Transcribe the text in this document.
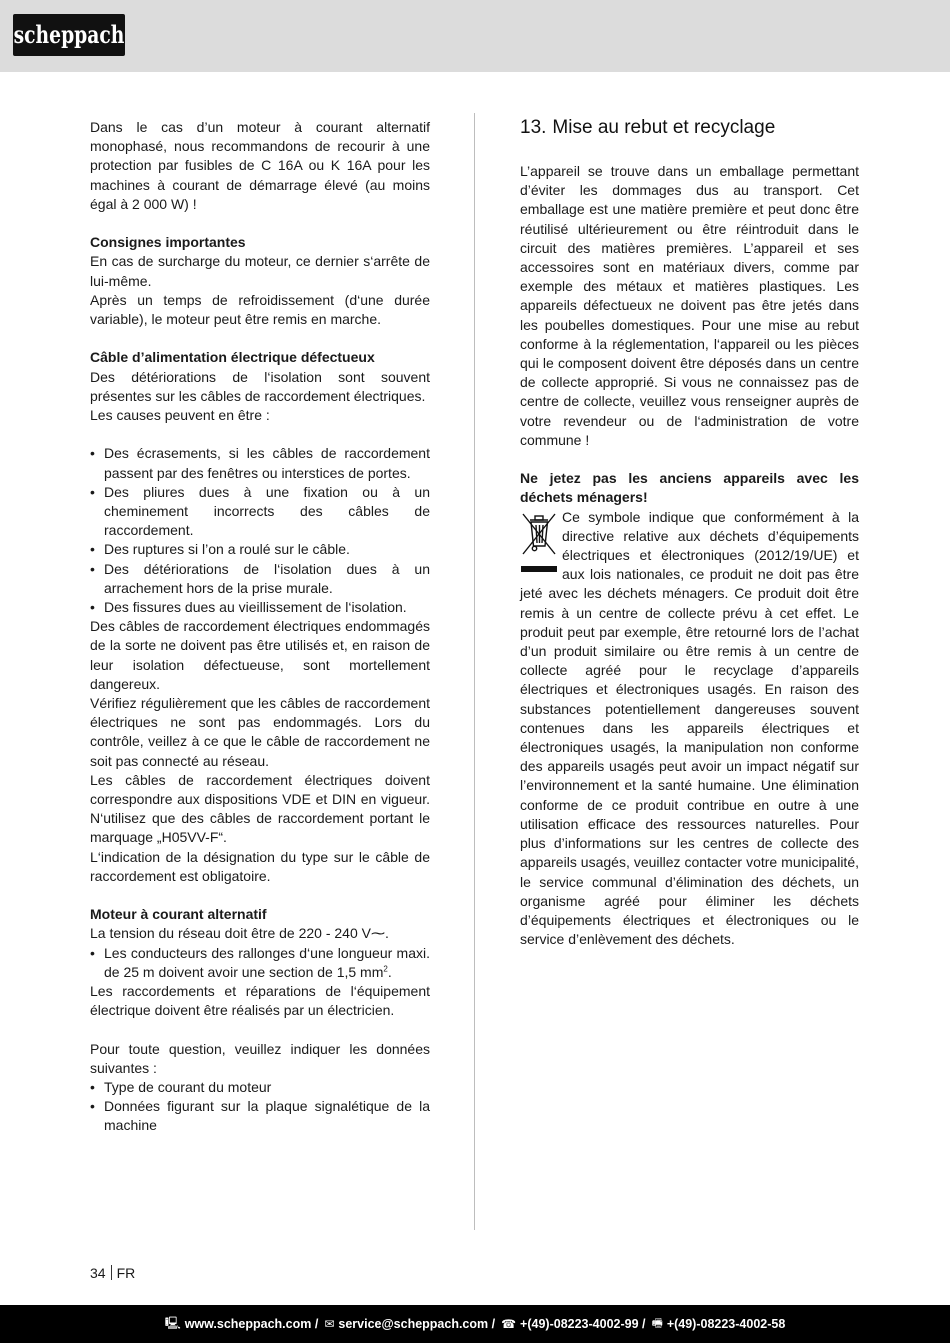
scheppach

Dans le cas d’un moteur à courant alternatif monophasé, nous recommandons de recourir à une protection par fusibles de C 16A ou K 16A pour les machines à courant de démarrage élevé (au moins égal à 2 000 W) !

Consignes importantes

En cas de surcharge du moteur, ce dernier s‘arrête de lui-même.

Après un temps de refroidissement (d‘une durée variable), le moteur peut être remis en marche.

Câble d’alimentation électrique défectueux

Des détériorations de l‘isolation sont souvent présentes sur les câbles de raccordement électriques.

Les causes peuvent en être :

• Des écrasements, si les câbles de raccordement passent par des fenêtres ou interstices de portes.
• Des pliures dues à une fixation ou à un cheminement incorrects des câbles de raccordement.
• Des ruptures si l’on a roulé sur le câble.
• Des détériorations de l‘isolation dues à un arrachement hors de la prise murale.
• Des fissures dues au vieillissement de l‘isolation.

Des câbles de raccordement électriques endommagés de la sorte ne doivent pas être utilisés et, en raison de leur isolation défectueuse, sont mortellement dangereux.

Vérifiez régulièrement que les câbles de raccordement électriques ne sont pas endommagés. Lors du contrôle, veillez à ce que le câble de raccordement ne soit pas connecté au réseau.

Les câbles de raccordement électriques doivent correspondre aux dispositions VDE et DIN en vigueur. N‘utilisez que des câbles de raccordement portant le marquage „H05VV-F“.

L‘indication de la désignation du type sur le câble de raccordement est obligatoire.

Moteur à courant alternatif

La tension du réseau doit être de 220 - 240 V⁓.

• Les conducteurs des rallonges d‘une longueur maxi. de 25 m doivent avoir une section de 1,5 $mm^2$.

Les raccordements et réparations de l‘équipement électrique doivent être réalisés par un électricien.

Pour toute question, veuillez indiquer les données suivantes :

• Type de courant du moteur
• Données figurant sur la plaque signalétique de la machine
13. Mise au rebut et recyclage

L’appareil se trouve dans un emballage permettant d’éviter les dommages dus au transport. Cet emballage est une matière première et peut donc être réutilisé ultérieurement ou être réintroduit dans le circuit des matières premières. L’appareil et ses accessoires sont en matériaux divers, comme par exemple des métaux et matières plastiques. Les appareils défectueux ne doivent pas être jetés dans les poubelles domestiques. Pour une mise au rebut conforme à la réglementation, l‘appareil ou les pièces qui le composent doivent être déposés dans un centre de collecte approprié. Si vous ne connaissez pas de centre de collecte, veuillez vous renseigner auprès de votre revendeur ou de l‘administration de votre commune !

Ne jetez pas les anciens appareils avec les déchets ménagers!

Ce symbole indique que conformément à la directive relative aux déchets d’équipements électriques et électroniques (2012/19/UE) et aux lois nationales, ce produit ne doit pas être jeté avec les déchets ménagers. Ce produit doit être remis à un centre de collecte prévu à cet effet. Le produit peut par exemple, être retourné lors de l’achat d’un produit similaire ou être remis à un centre de collecte agréé pour le recyclage d’appareils électriques et électroniques usagés. En raison des substances potentiellement dangereuses souvent contenues dans les appareils électriques et électroniques usagés, la manipulation non conforme des appareils usagés peut avoir un impact négatif sur l’environnement et la santé humaine. Une élimination conforme de ce produit contribue en outre à une utilisation efficace des ressources naturelles. Pour plus d’informations sur les centres de collecte des appareils usagés, veuillez contacter votre municipalité, le service communal d’élimination des déchets, un organisme agréé pour éliminer les déchets d’équipements électriques et électroniques ou le service d’enlèvement des déchets.

34 FR
🖳 www.scheppach.com / ✉ service@scheppach.com / ☎ +(49)-08223-4002-99 / 🖷 +(49)-08223-4002-58
